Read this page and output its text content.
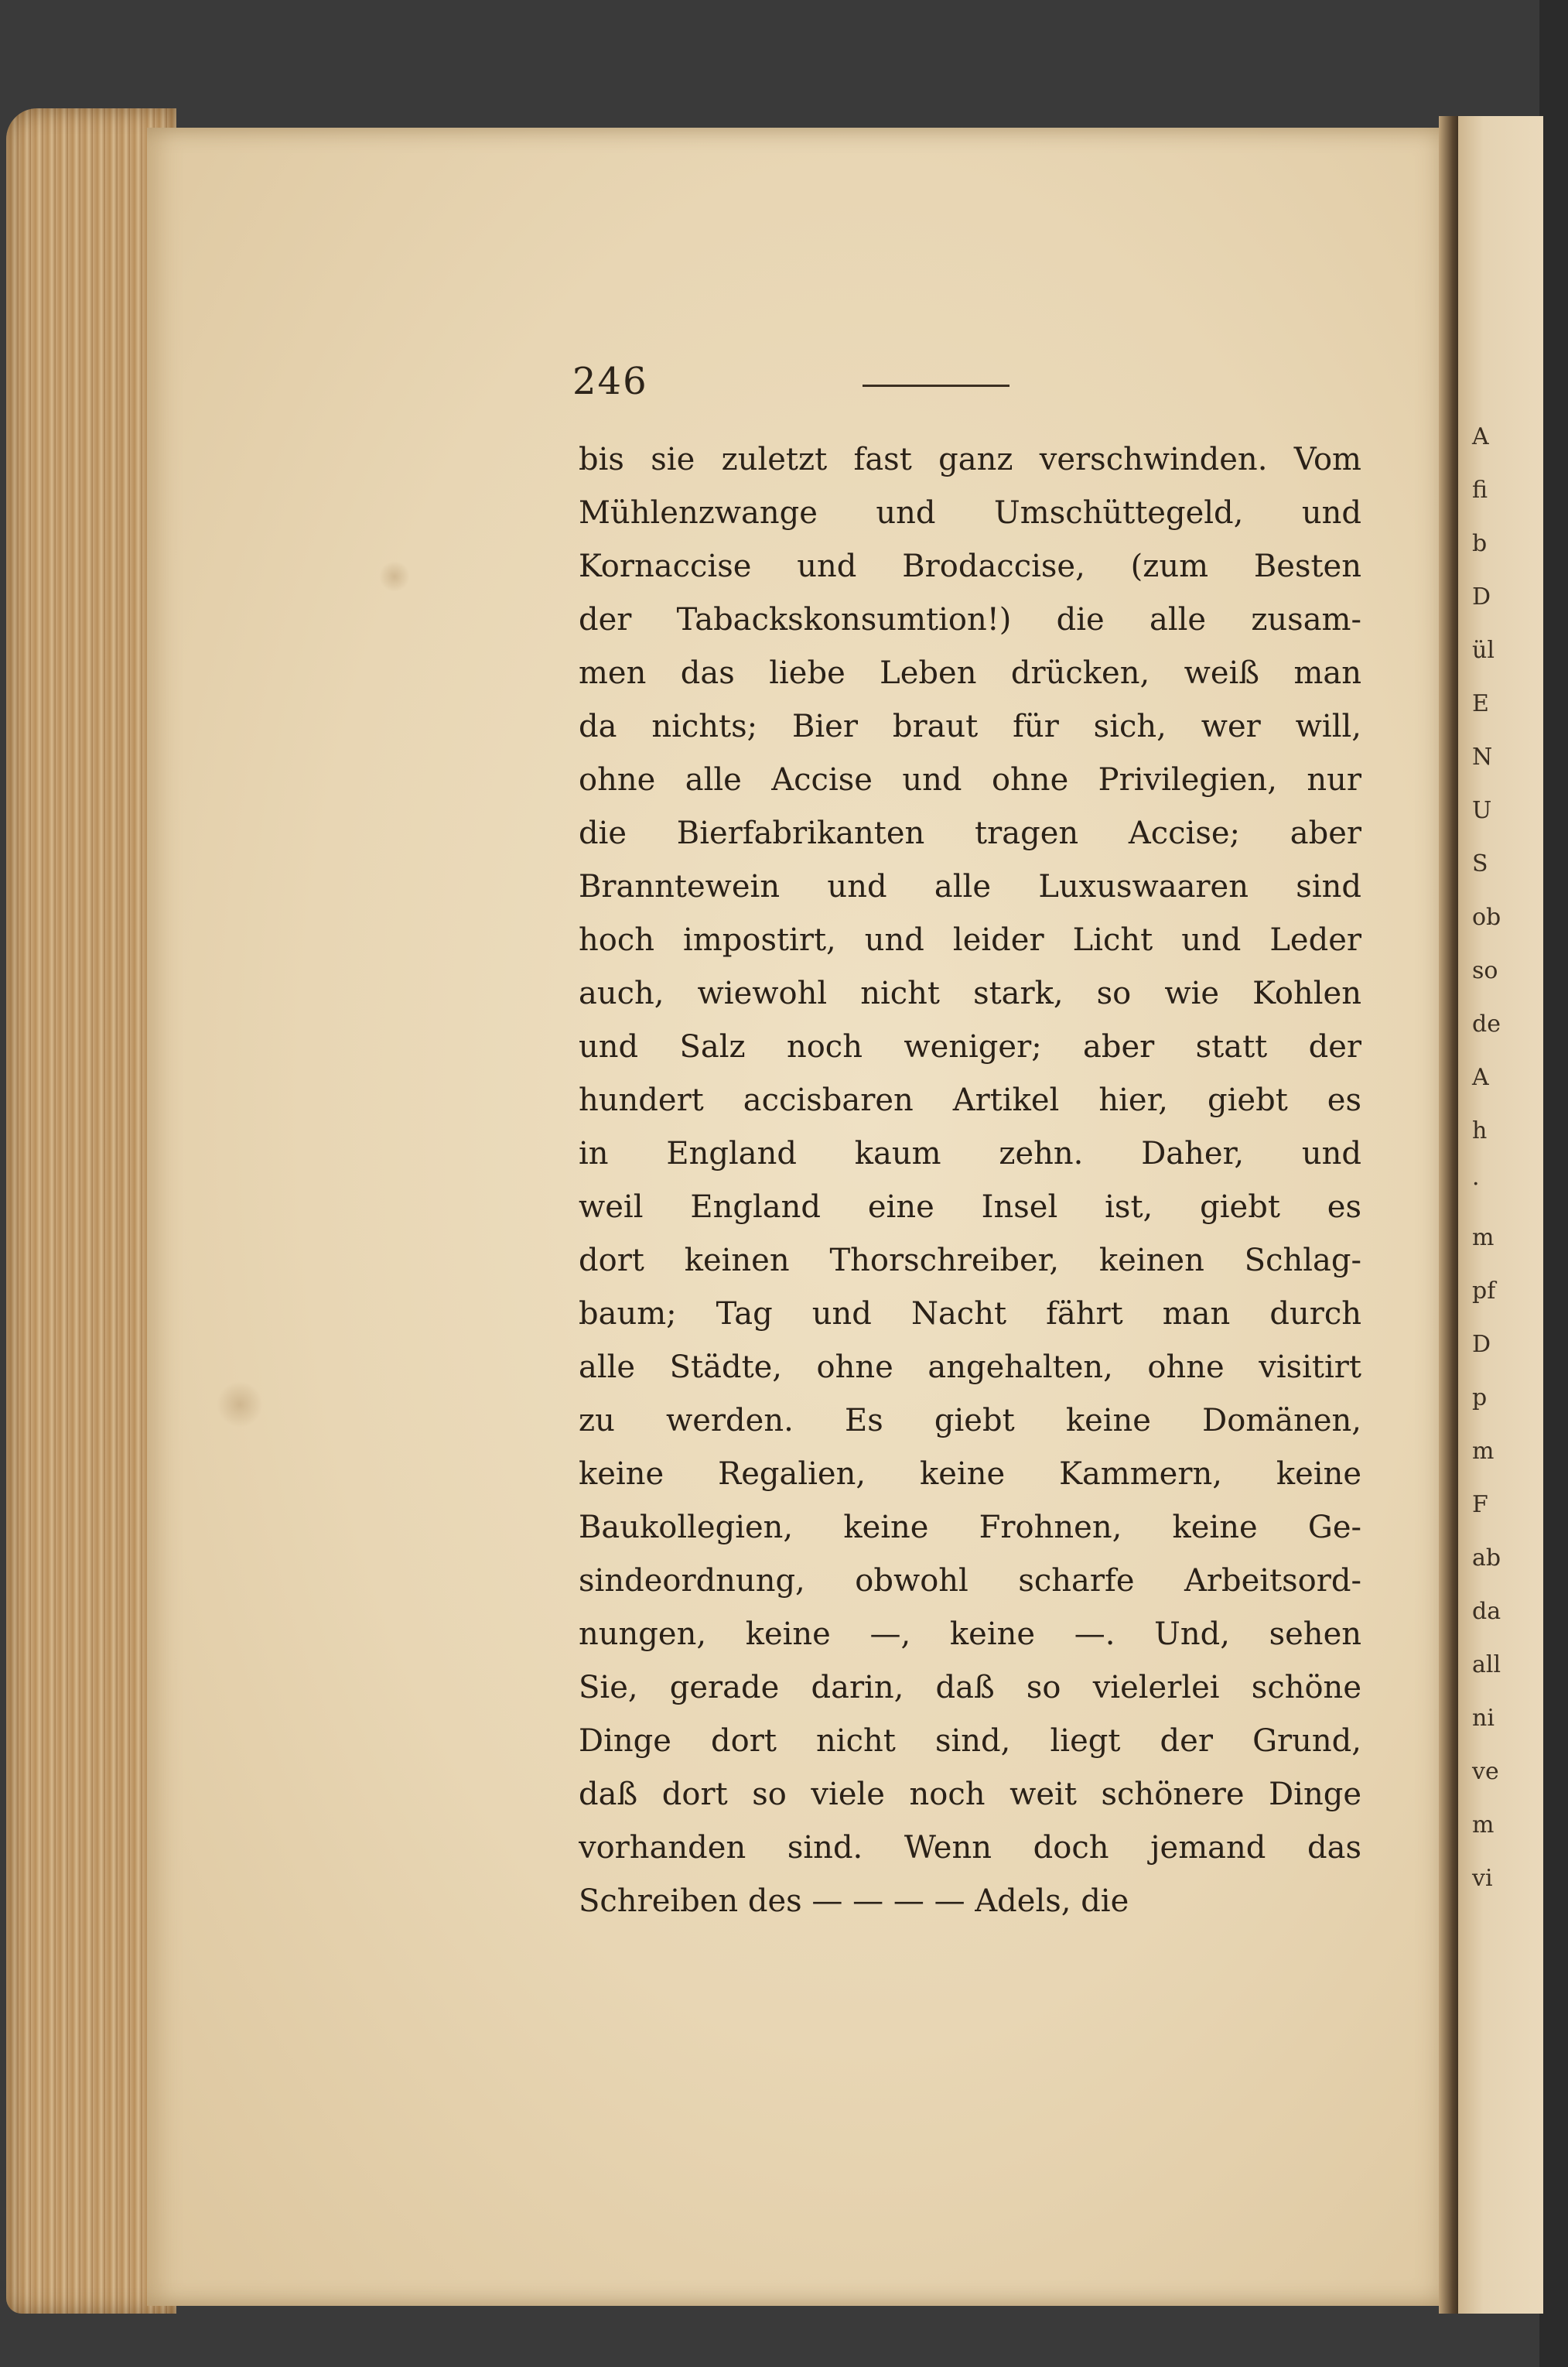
A
fi
b
D
ül
E
N
U
S
ob
so
de
A
h
·
m
pf
D
p
m
F
ab
da
all
ni
ve
m
vi
246
bis sie zuletzt fast ganz verschwinden. Vom
Mühlenzwange und Umschüttegeld, und
Kornaccise und Brodaccise, (zum Besten
der Tabackskonsumtion!) die alle zusam-
men das liebe Leben drücken, weiß man
da nichts; Bier braut für sich, wer will,
ohne alle Accise und ohne Privilegien, nur
die Bierfabrikanten tragen Accise; aber
Branntewein und alle Luxuswaaren sind
hoch impostirt, und leider Licht und Leder
auch, wiewohl nicht stark, so wie Kohlen
und Salz noch weniger; aber statt der
hundert accisbaren Artikel hier, giebt es
in England kaum zehn. Daher, und
weil England eine Insel ist, giebt es
dort keinen Thorschreiber, keinen Schlag-
baum; Tag und Nacht fährt man durch
alle Städte, ohne angehalten, ohne visitirt
zu werden. Es giebt keine Domänen,
keine Regalien, keine Kammern, keine
Baukollegien, keine Frohnen, keine Ge-
sindeordnung, obwohl scharfe Arbeitsord-
nungen, keine —, keine —. Und, sehen
Sie, gerade darin, daß so vielerlei schöne
Dinge dort nicht sind, liegt der Grund,
daß dort so viele noch weit schönere Dinge
vorhanden sind. Wenn doch jemand das
Schreiben des — — — — Adels, die
